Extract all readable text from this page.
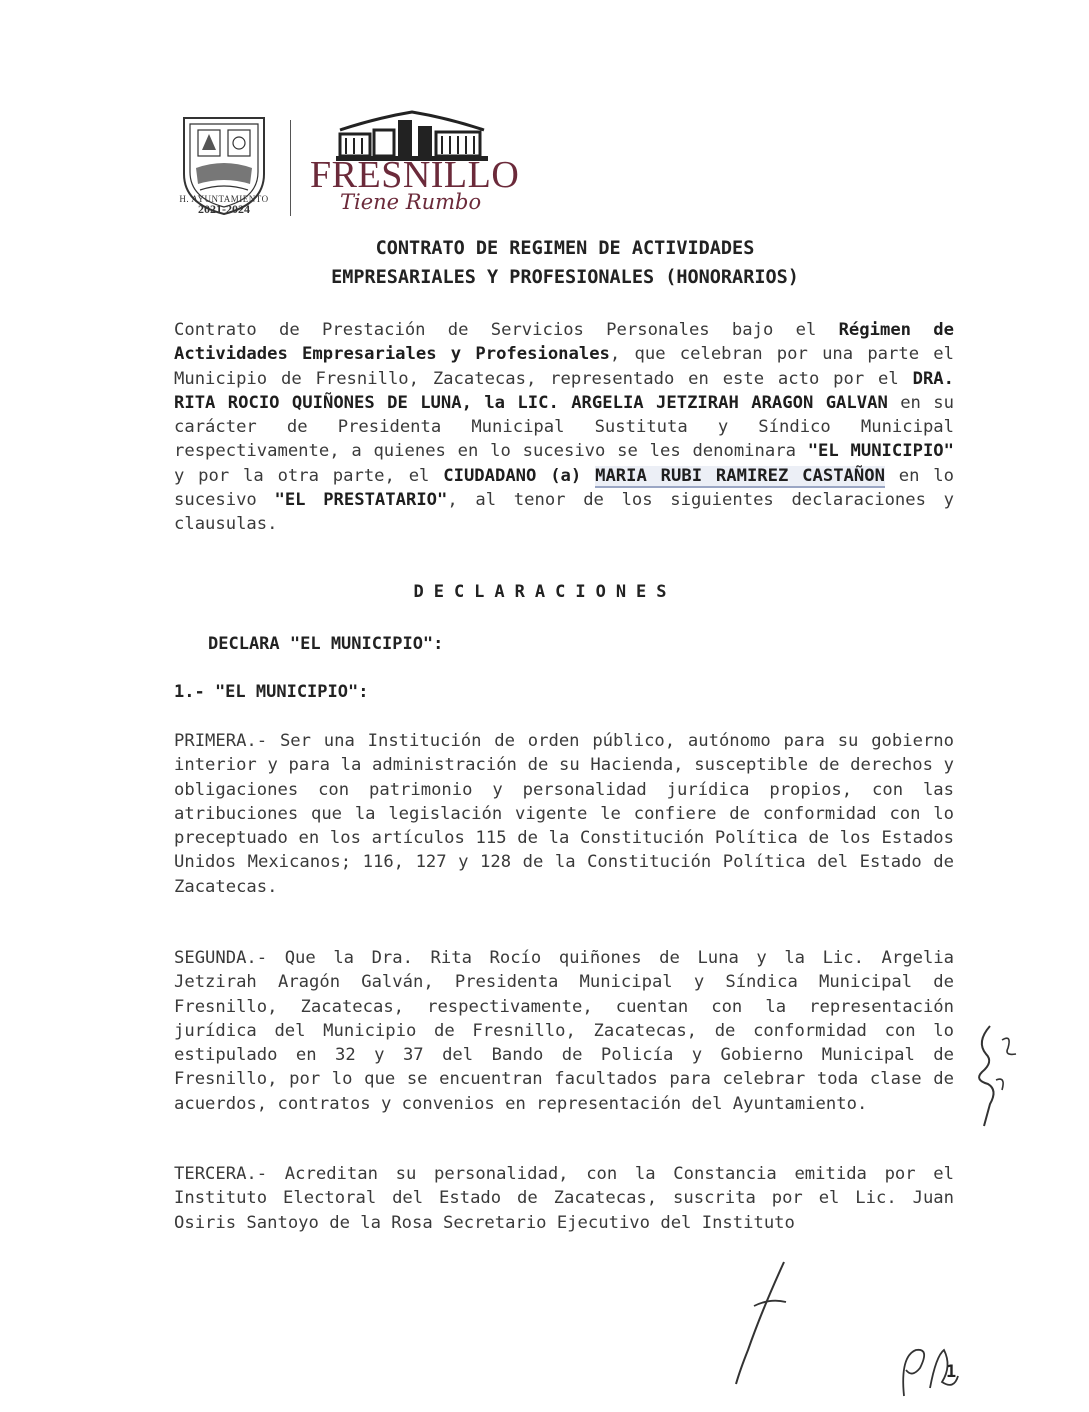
H. AYUNTAMIENTO
2021-2024
FRESNILLO
Tiene Rumbo
CONTRATO DE REGIMEN DE ACTIVIDADES
EMPRESARIALES Y PROFESIONALES (HONORARIOS)
Contrato de Prestación de Servicios Personales bajo el Régimen de Actividades Empresariales y Profesionales, que celebran por una parte el Municipio de Fresnillo, Zacatecas, representado en este acto por el DRA. RITA ROCIO QUIÑONES DE LUNA, la LIC. ARGELIA JETZIRAH ARAGON GALVAN en su carácter de Presidenta Municipal Sustituta y Síndico Municipal respectivamente, a quienes en lo sucesivo se les denominara "EL MUNICIPIO" y por la otra parte, el CIUDADANO (a) MARIA RUBI RAMIREZ CASTAÑON en lo sucesivo "EL PRESTATARIO", al tenor de los siguientes declaraciones y clausulas.
DECLARACIONES
DECLARA "EL MUNICIPIO":
1.- "EL MUNICIPIO":
PRIMERA.- Ser una Institución de orden público, autónomo para su gobierno interior y para la administración de su Hacienda, susceptible de derechos y obligaciones con patrimonio y personalidad jurídica propios, con las atribuciones que la legislación vigente le confiere de conformidad con lo preceptuado en los artículos 115 de la Constitución Política de los Estados Unidos Mexicanos; 116, 127 y 128 de la Constitución Política del Estado de Zacatecas.
SEGUNDA.- Que la Dra. Rita Rocío quiñones de Luna y la Lic. Argelia Jetzirah Aragón Galván, Presidenta Municipal y Síndica Municipal de Fresnillo, Zacatecas, respectivamente, cuentan con la representación jurídica del Municipio de Fresnillo, Zacatecas, de conformidad con lo estipulado en 32 y 37 del Bando de Policía y Gobierno Municipal de Fresnillo, por lo que se encuentran facultados para celebrar toda clase de acuerdos, contratos y convenios en representación del Ayuntamiento.
TERCERA.- Acreditan su personalidad, con la Constancia emitida por el Instituto Electoral del Estado de Zacatecas, suscrita por el Lic. Juan Osiris Santoyo de la Rosa Secretario Ejecutivo del Instituto
1
